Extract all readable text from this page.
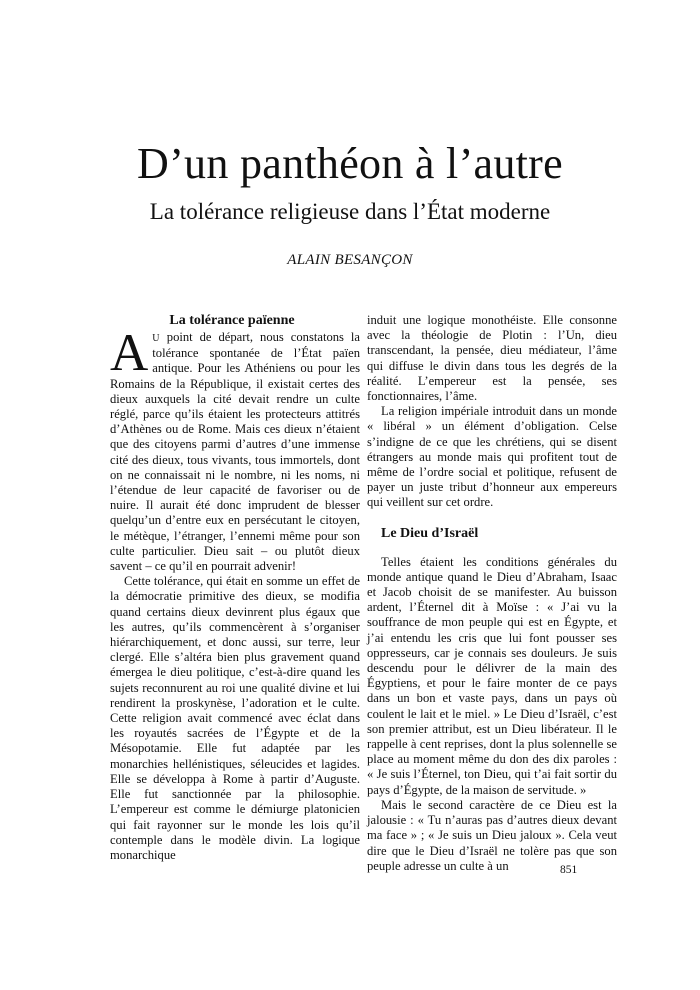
D’un panthéon à l’autre
La tolérance religieuse dans l’État moderne
ALAIN BESANÇON

La tolérance païenne

A U point de départ, nous constatons la tolérance spontanée de l’État païen antique. Pour les Athéniens ou pour les Romains de la République, il existait certes des dieux auxquels la cité devait rendre un culte réglé, parce qu’ils étaient les protecteurs attitrés d’Athènes ou de Rome. Mais ces dieux n’étaient que des citoyens parmi d’autres d’une immense cité des dieux, tous vivants, tous immortels, dont on ne connaissait ni le nombre, ni les noms, ni l’étendue de leur capacité de favoriser ou de nuire. Il aurait été donc imprudent de blesser quelqu’un d’entre eux en persécutant le citoyen, le métèque, l’étranger, l’ennemi même pour son culte particulier. Dieu sait – ou plutôt dieux savent – ce qu’il en pourrait advenir!

Cette tolérance, qui était en somme un effet de la démocratie primitive des dieux, se modifia quand certains dieux devinrent plus égaux que les autres, qu’ils commencèrent à s’organiser hiérarchiquement, et donc aussi, sur terre, leur clergé. Elle s’altéra bien plus gravement quand émergea le dieu politique, c’est-à-dire quand les sujets reconnurent au roi une qualité divine et lui rendirent la proskynèse, l’adoration et le culte. Cette religion avait commencé avec éclat dans les royautés sacrées de l’Égypte et de la Mésopotamie. Elle fut adaptée par les monarchies hellénistiques, séleucides et lagides. Elle se développa à Rome à partir d’Auguste. Elle fut sanctionnée par la philosophie. L’empereur est comme le démiurge platonicien qui fait rayonner sur le monde les lois qu’il contemple dans le modèle divin. La logique monarchique

induit une logique monothéiste. Elle consonne avec la théologie de Plotin : l’Un, dieu transcendant, la pensée, dieu médiateur, l’âme qui diffuse le divin dans tous les degrés de la réalité. L’empereur est la pensée, ses fonctionnaires, l’âme.

La religion impériale introduit dans un monde « libéral » un élément d’obligation. Celse s’indigne de ce que les chrétiens, qui se disent étrangers au monde mais qui profitent tout de même de l’ordre social et politique, refusent de payer un juste tribut d’honneur aux empereurs qui veillent sur cet ordre.

Le Dieu d’Israël

Telles étaient les conditions générales du monde antique quand le Dieu d’Abraham, Isaac et Jacob choisit de se manifester. Au buisson ardent, l’Éternel dit à Moïse : « J’ai vu la souffrance de mon peuple qui est en Égypte, et j’ai entendu les cris que lui font pousser ses oppresseurs, car je connais ses douleurs. Je suis descendu pour le délivrer de la main des Égyptiens, et pour le faire monter de ce pays dans un bon et vaste pays, dans un pays où coulent le lait et le miel. » Le Dieu d’Israël, c’est son premier attribut, est un Dieu libérateur. Il le rappelle à cent reprises, dont la plus solennelle se place au moment même du don des dix paroles : « Je suis l’Éternel, ton Dieu, qui t’ai fait sortir du pays d’Égypte, de la maison de servitude. »

Mais le second caractère de ce Dieu est la jalousie : « Tu n’auras pas d’autres dieux devant ma face » ; « Je suis un Dieu jaloux ». Cela veut dire que le Dieu d’Israël ne tolère pas que son peuple adresse un culte à un	851
